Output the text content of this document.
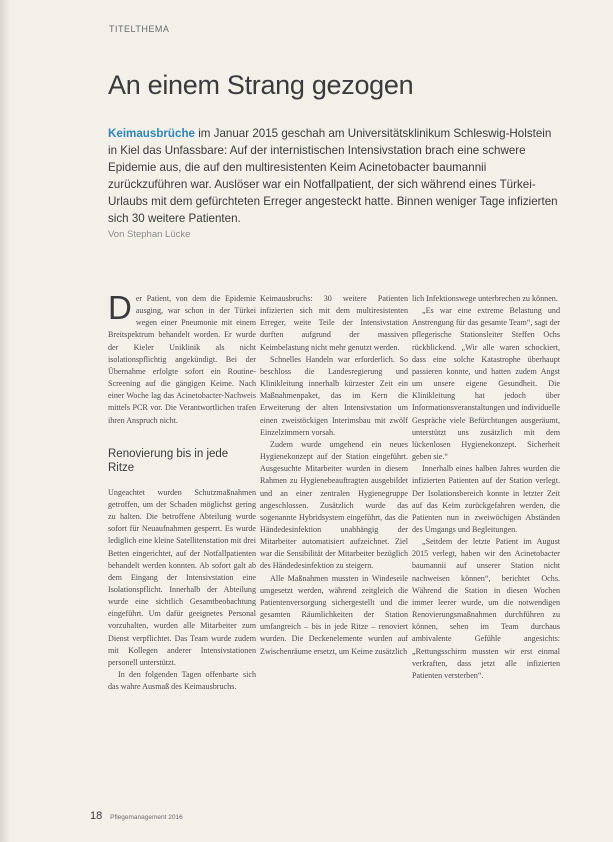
TITELTHEMA
An einem Strang gezogen
Keimausbrüche im Januar 2015 geschah am Universitätsklinikum Schleswig-Holstein in Kiel das Unfassbare: Auf der internistischen Intensivstation brach eine schwere Epidemie aus, die auf den multiresistenten Keim Acinetobacter baumannii zurückzuführen war. Auslöser war ein Notfallpatient, der sich während eines Türkei-Urlaubs mit dem gefürchteten Erreger angesteckt hatte. Binnen weniger Tage infizierten sich 30 weitere Patienten.
Von Stephan Lücke

Der Patient, von dem die Epidemie ausging, war schon in der Türkei wegen einer Pneumonie mit einem Breitspektrum behandelt worden. Er wurde der Kieler Uniklinik als nicht isolationspflichtig angekündigt. Bei der Übernahme erfolgte sofort ein Routine-Screening auf die gängigen Keime. Nach einer Woche lag das Acinetobacter-Nachweis mittels PCR vor. Die Verantwortlichen trafen ihren Anspruch nicht.

Renovierung bis in jede Ritze

Ungeachtet wurden Schutzmaßnahmen getroffen, um der Schaden möglichst gering zu halten. Die betroffene Abteilung wurde sofort für Neuaufnahmen gesperrt. Es wurde lediglich eine kleine Satellitenstation mit drei Betten eingerichtet, auf der Notfallpatienten behandelt werden konnten. Ab sofort galt ab dem Eingang der Intensivstation eine Isolationspflicht. Innerhalb der Abteilung wurde eine sichtlich Gesamtbeobachtung eingeführt. Um dafür geeignetes Personal vorzuhalten, wurden alle Mitarbeiter zum Dienst verpflichtet. Das Team wurde zudem mit Kollegen anderer Intensivstationen personell unterstützt.

In den folgenden Tagen offenbarte sich das wahre Ausmaß des Keimausbruchs.

Keimausbruchs: 30 weitere Patienten infizierten sich mit dem multiresistenten Erreger, weite Teile der Intensivstation durften aufgrund der massiven Keimbelastung nicht mehr genutzt werden.

Schnelles Handeln war erforderlich. So beschloss die Landesregierung und Klinikleitung innerhalb kürzester Zeit ein Maßnahmenpaket, das im Kern die Erweiterung der alten Intensivstation um einen zweistöckigen Interimsbau mit zwölf Einzelzimmern vorsah.

Zudem wurde umgehend ein neues Hygienekonzept auf der Station eingeführt. Ausgesuchte Mitarbeiter wurden in diesem Rahmen zu Hygienebeauftragten ausgebildet und an einer zentralen Hygienegruppe angeschlossen. Zusätzlich wurde das sogenannte Hybridsystem eingeführt, das die Händedesinfektion unabhängig der Mitarbeiter automatisiert aufzeichnet. Ziel war die Sensibilität der Mitarbeiter bezüglich des Händedesinfektion zu steigern.

Alle Maßnahmen mussten in Windeseile umgesetzt werden, während zeitgleich die Patientenversorgung sichergestellt und die gesamten Räumlichkeiten der Station umfangreich – bis in jede Ritze – renoviert wurden. Die Deckenelemente wurden auf Zwischenräume ersetzt, um Keime zusätzlich

lich Infektionswege unterbrechen zu können.

„Es war eine extreme Belastung und Anstrengung für das gesamte Team“, sagt der pflegerische Stationsleiter Steffen Ochs rückblickend. „Wir alle waren schockiert, dass eine solche Katastrophe überhaupt passieren konnte, und hatten zudem Angst um unsere eigene Gesundheit. Die Klinikleitung hat jedoch über Informationsveranstaltungen und individuelle Gespräche viele Befürchtungen ausgeräumt, unterstützt uns zusätzlich mit dem lückenlosen Hygienekonzept. Sicherheit geben sie.“

Innerhalb eines halben Jahres wurden die infizierten Patienten auf der Station verlegt. Der Isolationsbereich konnte in letzter Zeit auf das Keim zurückgefahren werden, die Patienten nun in zweiwöchigen Abständen des Umgangs und Begleitungen.

„Seitdem der letzte Patient im August 2015 verlegt, haben wir den Acinetobacter baumannii auf unserer Station nicht nachweisen können“, berichtet Ochs. Während die Station in diesen Wochen immer leerer wurde, um die notwendigen Renovierungsmaßnahmen durchführen zu können, sehen im Team durchaus ambivalente Gefühle angesichts: „Rettungsschirm mussten wir erst einmal verkraften, dass jetzt alle infizierten Patienten versterben“.

18 Pflegemanagement 2016
